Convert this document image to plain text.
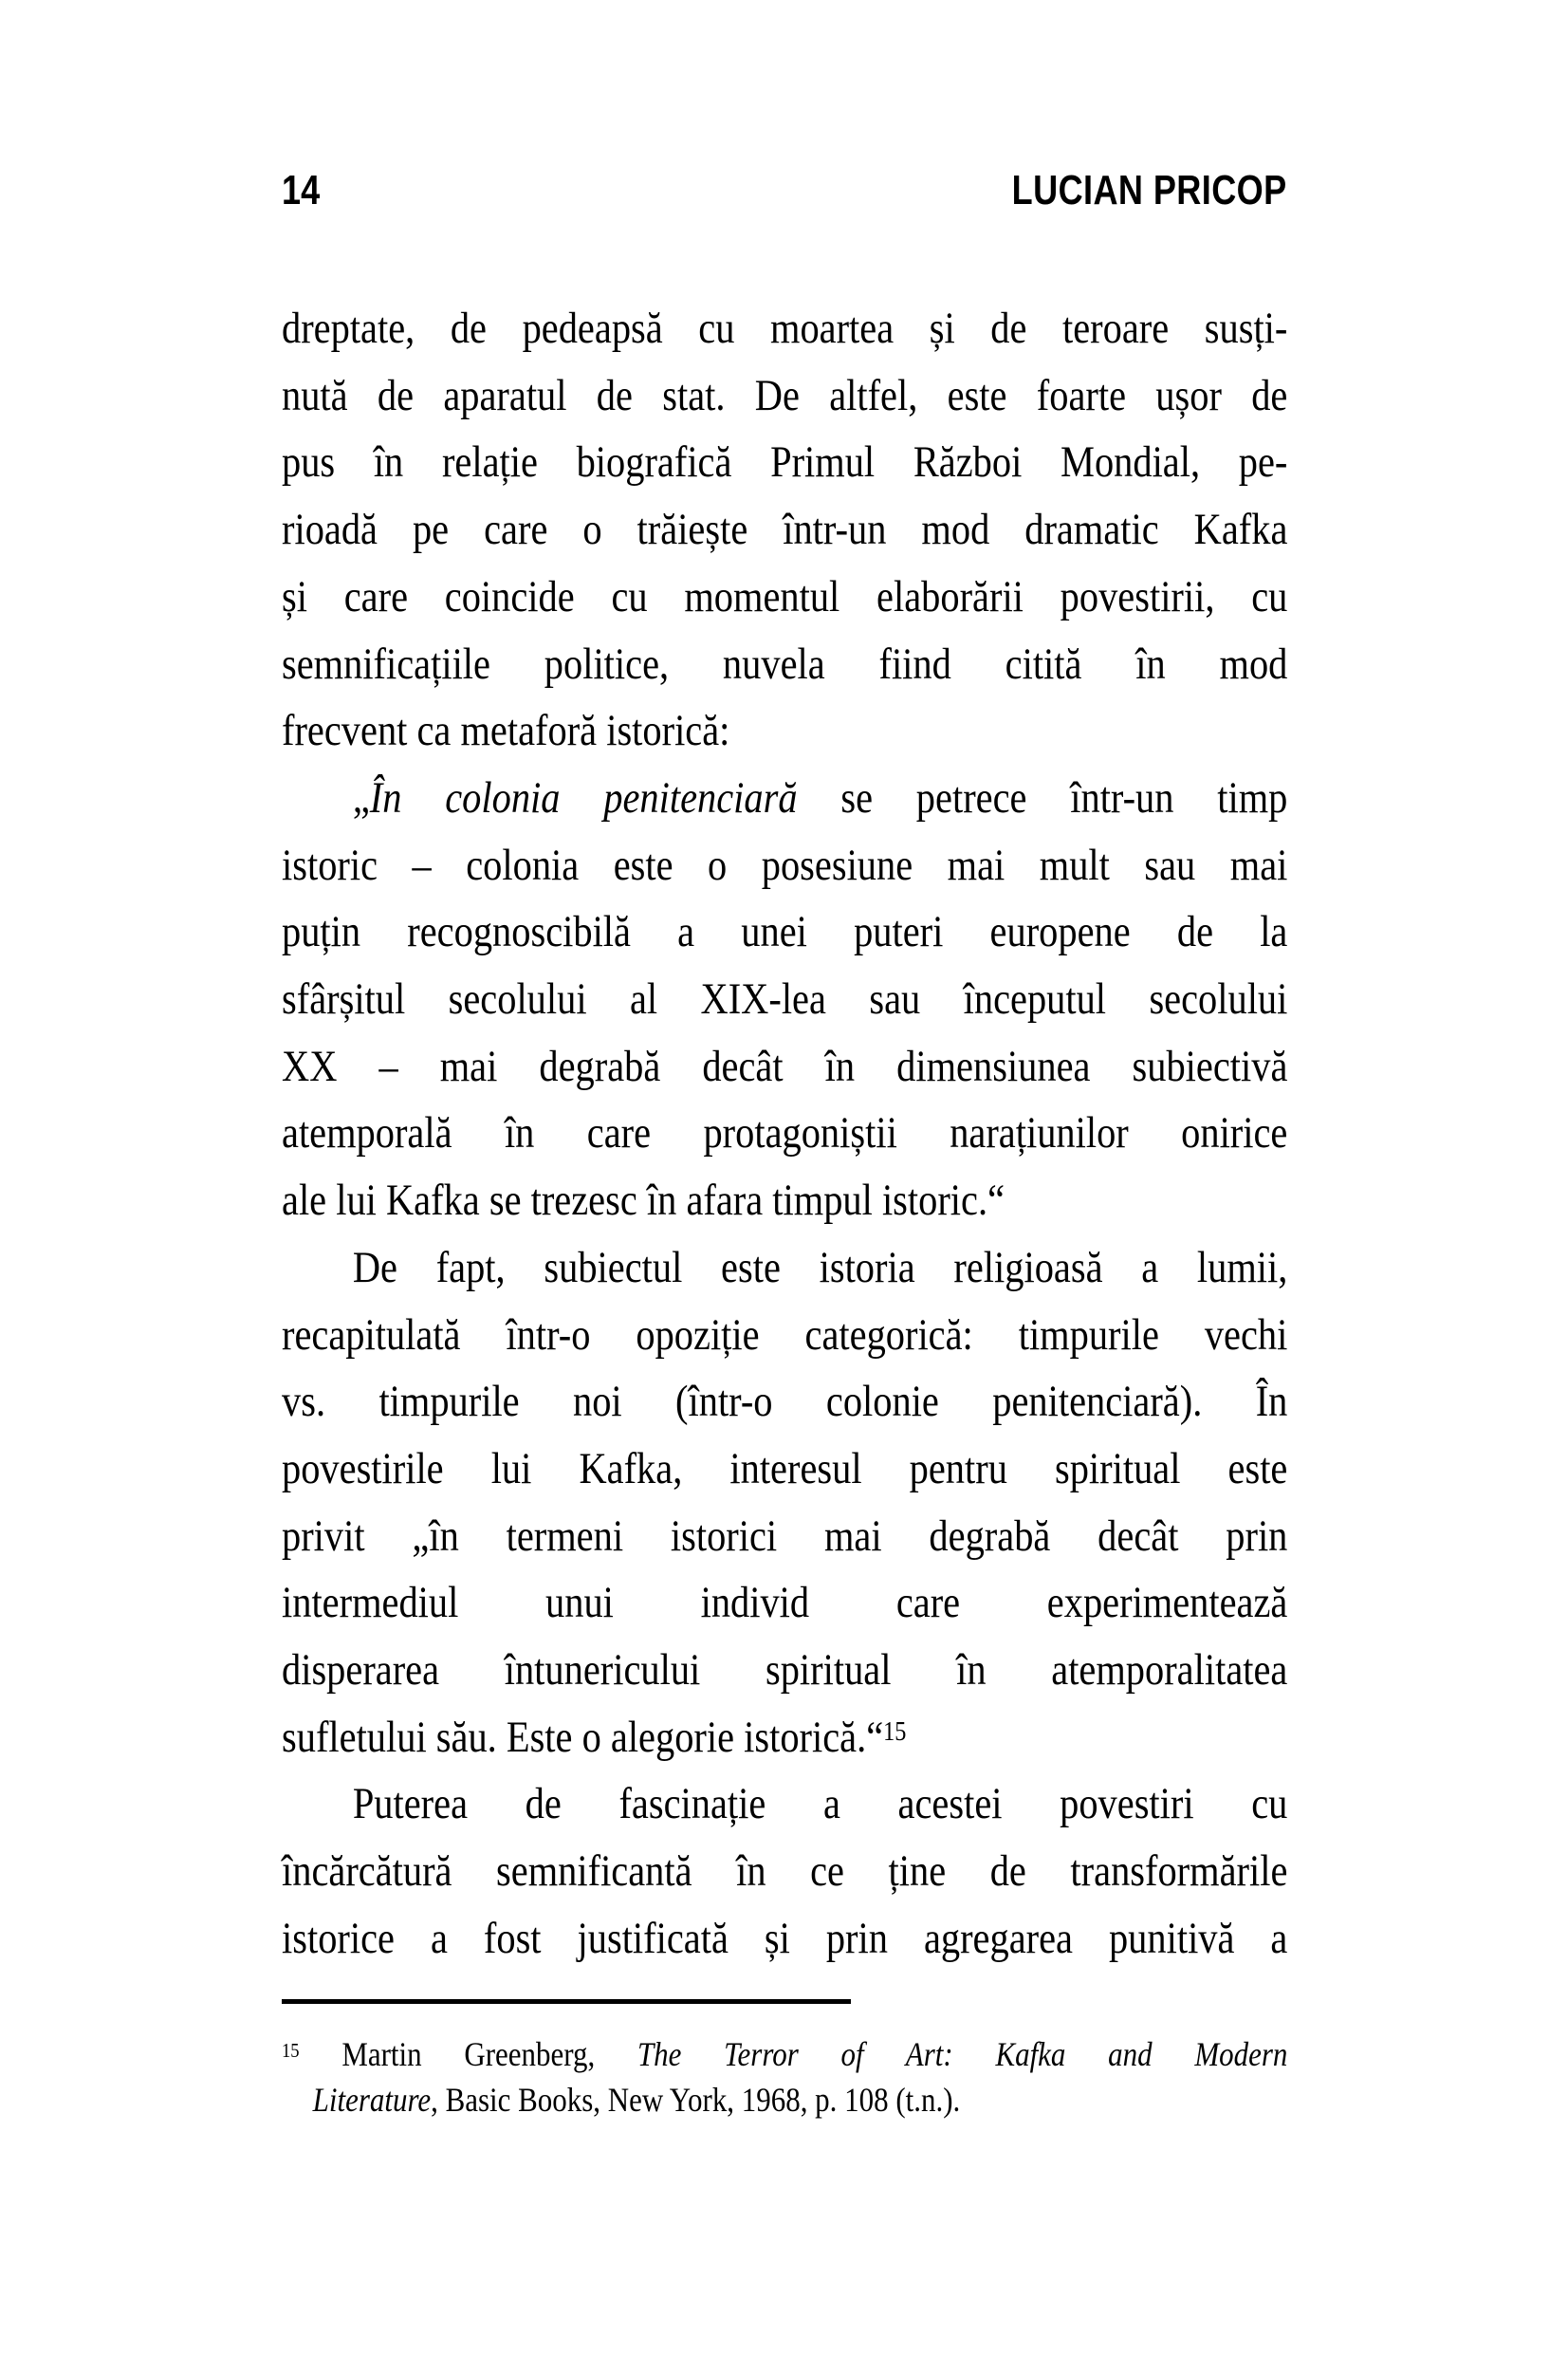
14	LUCIAN PRICOP
dreptate, de pedeapsă cu moartea și de teroare susți-
nută de aparatul de stat. De altfel, este foarte ușor de
pus în relație biografică Primul Război Mondial, pe-
rioadă pe care o trăiește într-un mod dramatic Kafka
și care coincide cu momentul elaborării povestirii, cu
semnificațiile politice, nuvela fiind citită în mod
frecvent ca metaforă istorică:
„În colonia penitenciară se petrece într-un timp
istoric – colonia este o posesiune mai mult sau mai
puțin recognoscibilă a unei puteri europene de la
sfârșitul secolului al XIX-lea sau începutul secolului
XX – mai degrabă decât în dimensiunea subiectivă
atemporală în care protagoniștii narațiunilor onirice
ale lui Kafka se trezesc în afara timpul istoric.“
De fapt, subiectul este istoria religioasă a lumii,
recapitulată într-o opoziție categorică: timpurile vechi
vs. timpurile noi (într-o colonie penitenciară). În
povestirile lui Kafka, interesul pentru spiritual este
privit „în termeni istorici mai degrabă decât prin
intermediul unui individ care experimentează
disperarea întunericului spiritual în atemporalitatea
sufletului său. Este o alegorie istorică.“$^{15}$
Puterea de fascinație a acestei povestiri cu
încărcătură semnificantă în ce ține de transformările
istorice a fost justificată și prin agregarea punitivă a
$^{15}$ Martin Greenberg, The Terror of Art: Kafka and Modern
Literature, Basic Books, New York, 1968, p. 108 (t.n.).
